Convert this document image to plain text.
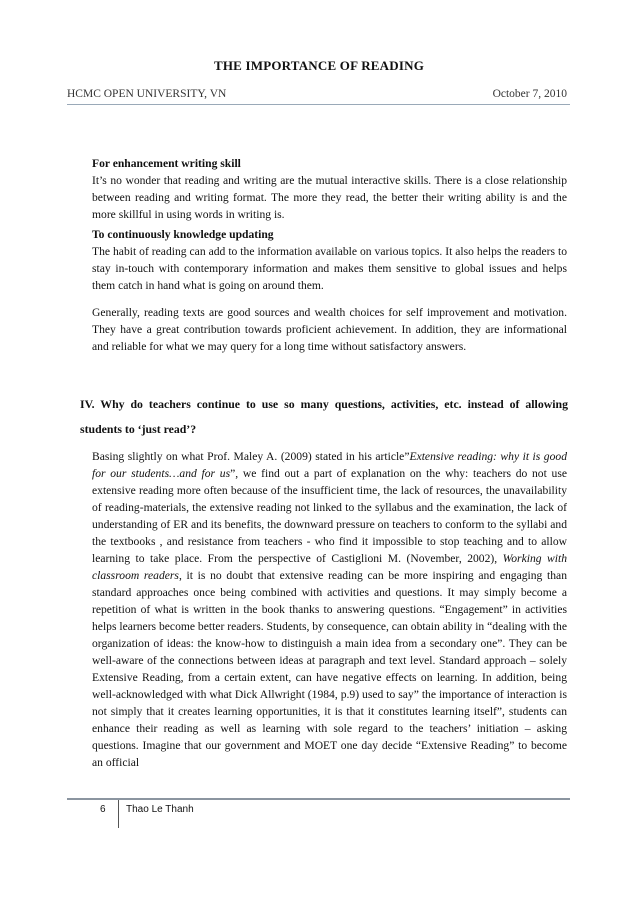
THE IMPORTANCE OF READING
HCMC OPEN UNIVERSITY, VN	October 7, 2010
For enhancement writing skill
It’s no wonder that reading and writing are the mutual interactive skills. There is a close relationship between reading and writing format. The more they read, the better their writing ability is and the more skillful in using words in writing is.
To continuously knowledge updating
The habit of reading can add to the information available on various topics. It also helps the readers to stay in-touch with contemporary information and makes them sensitive to global issues and helps them catch in hand what is going on around them.
Generally, reading texts are good sources and wealth choices for self improvement and motivation. They have a great contribution towards proficient achievement. In addition, they are informational and reliable for what we may query for a long time without satisfactory answers.
IV. Why do teachers continue to use so many questions, activities, etc. instead of allowing students to ‘just read’?
Basing slightly on what Prof. Maley A. (2009) stated in his article”Extensive reading: why it is good for our students…and for us”, we find out a part of explanation on the why: teachers do not use extensive reading more often because of the insufficient time, the lack of resources, the unavailability of reading-materials, the extensive reading not linked to the syllabus and the examination, the lack of understanding of ER and its benefits, the downward pressure on teachers to conform to the syllabi and the textbooks , and resistance from teachers - who find it impossible to stop teaching and to allow learning to take place. From the perspective of Castiglioni M. (November, 2002), Working with classroom readers, it is no doubt that extensive reading can be more inspiring and engaging than standard approaches once being combined with activities and questions. It may simply become a repetition of what is written in the book thanks to answering questions. “Engagement” in activities helps learners become better readers. Students, by consequence, can obtain ability in “dealing with the organization of ideas: the know-how to distinguish a main idea from a secondary one”. They can be well-aware of the connections between ideas at paragraph and text level. Standard approach – solely Extensive Reading, from a certain extent, can have negative effects on learning. In addition, being well-acknowledged with what Dick Allwright (1984, p.9) used to say” the importance of interaction is not simply that it creates learning opportunities, it is that it constitutes learning itself”, students can enhance their reading as well as learning with sole regard to the teachers’ initiation – asking questions. Imagine that our government and MOET one day decide “Extensive Reading” to become an official
6 Thao Le Thanh
